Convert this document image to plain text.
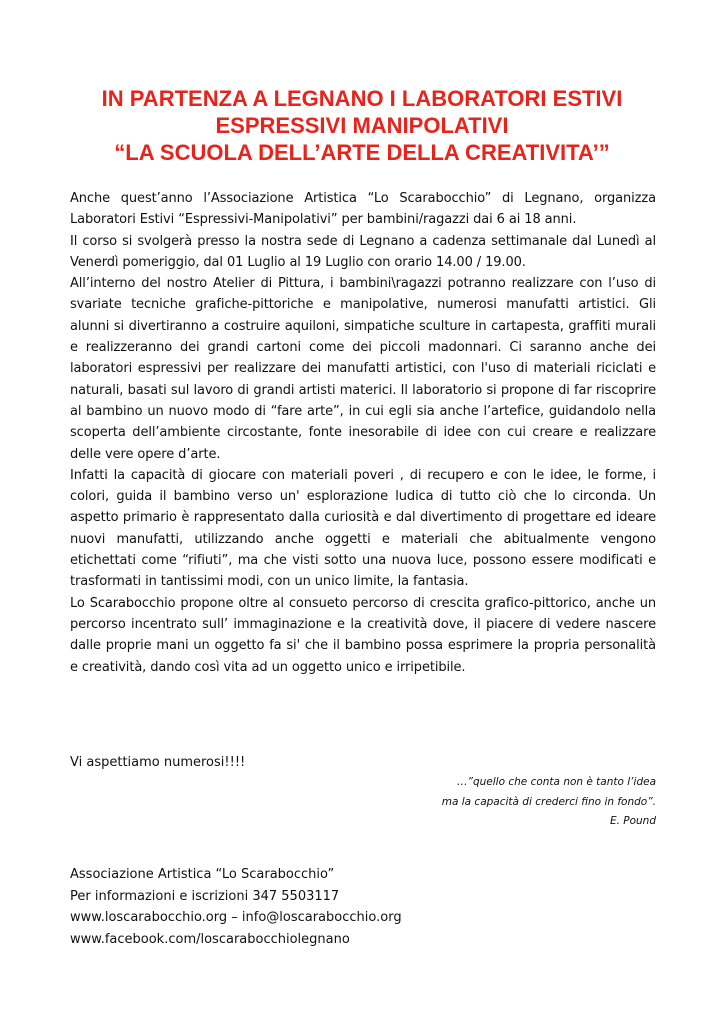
IN PARTENZA A LEGNANO I LABORATORI ESTIVI
ESPRESSIVI MANIPOLATIVI
“LA SCUOLA DELL’ARTE DELLA CREATIVITA’”

Anche quest’anno l’Associazione Artistica “Lo Scarabocchio” di Legnano, organizza Laboratori Estivi “Espressivi-Manipolativi” per bambini/ragazzi dai 6 ai 18 anni.

Il corso si svolgerà presso la nostra sede di Legnano a cadenza settimanale dal Lunedì al Venerdì pomeriggio, dal 01 Luglio al 19 Luglio con orario 14.00 / 19.00.

All’interno del nostro Atelier di Pittura, i bambini\ragazzi potranno realizzare con l’uso di svariate tecniche grafiche-pittoriche e manipolative, numerosi manufatti artistici. Gli alunni si divertiranno a costruire aquiloni, simpatiche sculture in cartapesta, graffiti murali e realizzeranno dei grandi cartoni come dei piccoli madonnari. Ci saranno anche dei laboratori espressivi per realizzare dei manufatti artistici, con l'uso di materiali riciclati e naturali, basati sul lavoro di grandi artisti materici. Il laboratorio si propone di far riscoprire al bambino un nuovo modo di “fare arte”, in cui egli sia anche l’artefice, guidandolo nella scoperta dell’ambiente circostante, fonte inesorabile di idee con cui creare e realizzare delle vere opere d’arte.

Infatti la capacità di giocare con materiali poveri , di recupero e con le idee, le forme, i colori, guida il bambino verso un' esplorazione ludica di tutto ciò che lo circonda. Un aspetto primario è rappresentato dalla curiosità e dal divertimento di progettare ed ideare nuovi manufatti, utilizzando anche oggetti e materiali che abitualmente vengono etichettati come “rifiuti”, ma che visti sotto una nuova luce, possono essere modificati e trasformati in tantissimi modi, con un unico limite, la fantasia.

Lo Scarabocchio propone oltre al consueto percorso di crescita grafico-pittorico, anche un percorso incentrato sull’ immaginazione e la creatività dove, il piacere di vedere nascere dalle proprie mani un oggetto fa si' che il bambino possa esprimere la propria personalità e creatività, dando così vita ad un oggetto unico e irripetibile.

Vi aspettiamo numerosi!!!!
…”quello che conta non è tanto l’idea
ma la capacità di crederci fino in fondo”.
E. Pound
Associazione Artistica “Lo Scarabocchio”
Per informazioni e iscrizioni 347 5503117
www.loscarabocchio.org – info@loscarabocchio.org
www.facebook.com/loscarabocchiolegnano
